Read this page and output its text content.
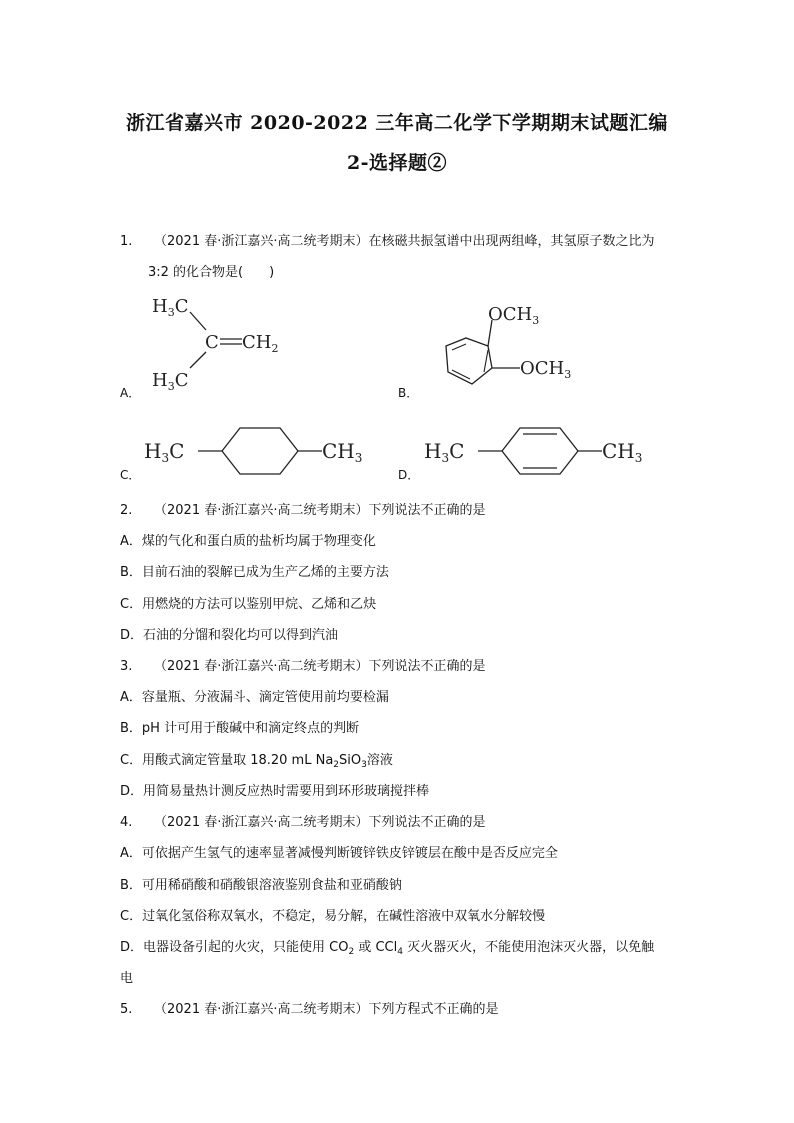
浙江省嘉兴市 2020-2022 三年高二化学下学期期末试题汇编
2-选择题②
1. （2021 春·浙江嘉兴·高二统考期末）在核磁共振氢谱中出现两组峰，其氢原子数之比为
3:2 的化合物是(　　)
A．
$H_3C$
$H_3C$
C $CH_2$
B．
$OCH_3$
$OCH_3$
C．
$H_3C$	$CH_3$
D．
$H_3C$	$CH_3$
2. （2021 春·浙江嘉兴·高二统考期末）下列说法不正确的是
A．煤的气化和蛋白质的盐析均属于物理变化
B．目前石油的裂解已成为生产乙烯的主要方法
C．用燃烧的方法可以鉴别甲烷、乙烯和乙炔
D．石油的分馏和裂化均可以得到汽油
3. （2021 春·浙江嘉兴·高二统考期末）下列说法不正确的是
A．容量瓶、分液漏斗、滴定管使用前均要检漏
B．pH 计可用于酸碱中和滴定终点的判断
C．用酸式滴定管量取 18.20 mL $Na_2SiO_3$溶液
D．用简易量热计测反应热时需要用到环形玻璃搅拌棒
4. （2021 春·浙江嘉兴·高二统考期末）下列说法不正确的是
A．可依据产生氢气的速率显著减慢判断镀锌铁皮锌镀层在酸中是否反应完全
B．可用稀硝酸和硝酸银溶液鉴别食盐和亚硝酸钠
C．过氧化氢俗称双氧水，不稳定，易分解，在碱性溶液中双氧水分解较慢
D．电器设备引起的火灾，只能使用 $CO_2$ 或 CCl$_4$ 灭火器灭火，不能使用泡沫灭火器，以免触
电
5. （2021 春·浙江嘉兴·高二统考期末）下列方程式不正确的是
